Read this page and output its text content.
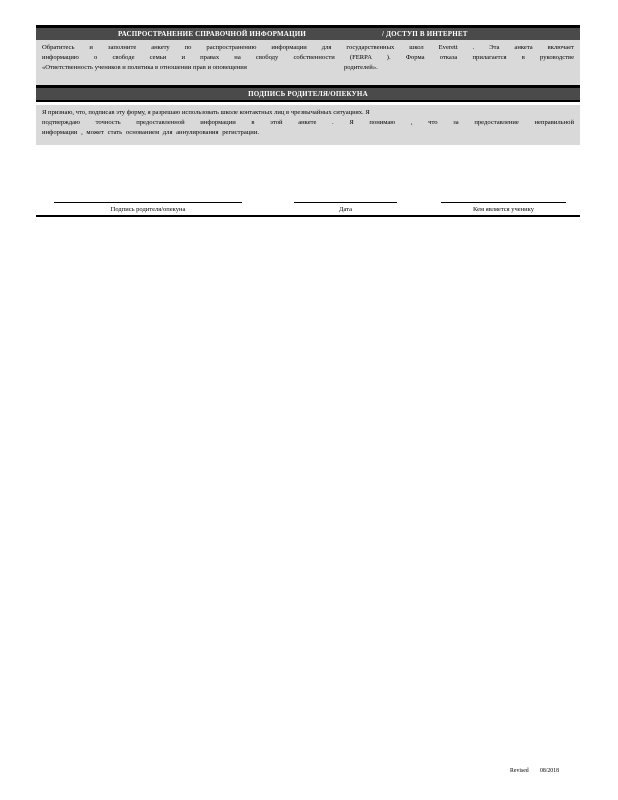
РАСПРОСТРАНЕНИЕ СПРАВОЧНОЙ ИНФОРМАЦИИ	/ ДОСТУП В ИНТЕРНЕТ
Обратитесь и заполните анкету по распространению информации для государственных школ Everett . Эта анкета включает
информацию о свободе семьи и правах на свободу собственности (FERPA ). Форма отказа прилагается в руководстве
«Ответственность учеников и политика в отношении прав и оповещения	родителей».
ПОДПИСЬ РОДИТЕЛЯ/ОПЕКУНА
Я признаю, что, подписав эту форму, я разрешаю использовать школе контактных лиц в чрезвычайных ситуациях. Я
подтверждаю точность предоставленной информации в этой анкете . Я понимаю , что за предоставление неправильной
информации , может стать основанием для аннулирования регистрации.
Подпись родителя/опекуна	Дата	Кем является ученику
Revised 08/2018
